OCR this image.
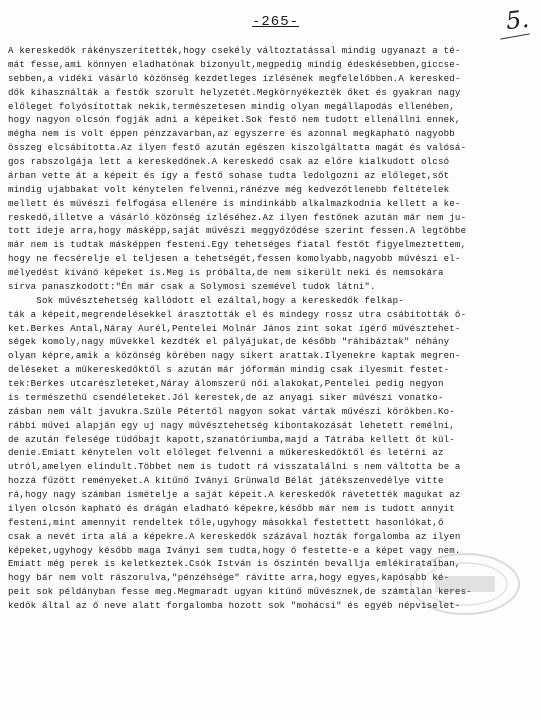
-265-	5.
A kereskedők rákényszerítették,hogy csekély változtatással mindig ugyanazt a té-
mát fesse,ami könnyen eladhatónak bizonyult,megpedig mindig édeskésebben,giccse-
sebben,a vidéki vásárló közönség kezdetleges ízlésének megfelelőbben.A keresked-
dők kihasználták a festők szorult helyzetét.Megkörnyékezték őket és gyakran nagy
előleget folyósítottak nekik,természetesen mindig olyan megállapodás ellenében,
hogy nagyon olcsón fogják adni a képeiket.Sok festő nem tudott ellenállni ennek,
mégha nem is volt éppen pénzzavarban,az egyszerre és azonnal megkapható nagyobb
összeg elcsábította.Az ilyen festő azután egészen kiszolgáltatta magát és valósá-
gos rabszolgája lett a kereskedőnek.A kereskedő csak az előre kialkudott olcsó
árban vette át a képeit és így a festő sohase tudta ledolgozni az előleget,sőt
mindig ujabbakat volt kénytelen felvenni,ránézve még kedvezőtlenebb feltételek
mellett és művészi felfogása ellenére is mindinkább alkalmazkodnia kellett a ke-
reskedő,illetve a vásárló közönség ízléséhez.Az ilyen festőnek azután már nem ju-
tott ideje arra,hogy másképp,saját művészi meggyőződése szerint fessen.A legtöbbe
már nem is tudtak másképpen festeni.Egy tehetséges fiatal festőt figyelmeztettem,
hogy ne fecsérelje el teljesen a tehetségét,fessen komolyabb,nagyobb művészi el-
mélyedést kívánó képeket is.Meg is próbálta,de nem sikerült neki és nemsokára
sírva panaszkodott:"Én már csak a Solymosi szemével tudok látni".
Sok művésztehetség kallódott el ezáltal,hogy a kereskedők felkap-
ták a képeit,megrendelésekkel árasztották el és mindegy rossz utra csábították ő-
ket.Berkes Antal,Náray Aurél,Pentelei Molnár János zint sokat ígérő művésztehet-
ségek komoly,nagy művekkel kezdték el pályájukat,de később "ráhibáztak" néhány
olyan képre,amik a közönség körében nagy sikert arattak.Ilyenekre kaptak megren-
deléseket a műkereskedőktől s azután már jóformán mindig csak ilyesmit festet-
tek:Berkes utcarészleteket,Náray álomszerű női alakokat,Pentelei pedig negyon
is természethű csendéleteket.Jól kerestek,de az anyagi siker művészi vonatko-
zásban nem vált javukra.Szüle Pétertől nagyon sokat vártak művészi körökben.Ko-
rábbi művei alapján egy uj nagy művésztehetség kibontakozását lehetett remélni,
de azután felesége tüdőbajt kapott,szanatóriumba,majd a Tátrába kellett őt kül-
denie.Emiatt kénytelen volt előleget felvenni a műkereskedőktől és letérni az
utról,amelyen elindult.Többet nem is tudott rá visszatalálni s nem váltotta be a
hozzá fűzött reményeket.A kitűnő Iványi Grünwald Bélát játékszenvedélye vitte
rá,hogy nagy számban ismételje a saját képeit.A kereskedők rávetették magukat az
ilyen olcsón kapható és drágán eladható képekre,később már nem is tudott annyit
festeni,mint amennyit rendeltek tőle,ugyhogy másokkal festettett hasonlókat,ő
csak a nevét írta alá a képekre.A kereskedők százával hozták forgalomba az ilyen
képeket,ugyhogy később maga Iványi sem tudta,hogy ő festette-e a képet vagy nem.
Emiatt még perek is keletkeztek.Csók István is őszintén bevallja emlékirataiban,
hogy bár nem volt rászorulva,"pénzéhsége" rávitte arra,hogy egyes,kapósabb ké-
peit sok példányban fesse meg.Megmaradt ugyan kitűnő művésznek,de számtalan keres-
kedők által az ő neve alatt forgalomba hozott sok "mohácsi" és egyéb népviselet-
